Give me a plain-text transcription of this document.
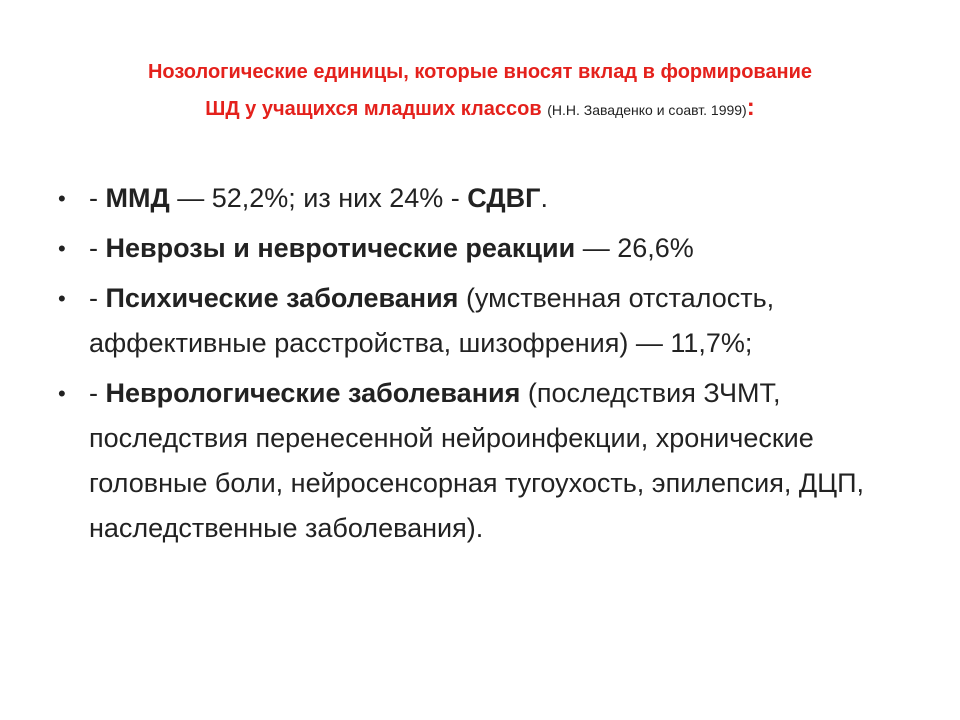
Нозологические единицы, которые вносят вклад в формирование
ШД у учащихся младших классов (Н.Н. Заваденко и соавт. 1999):
• - ММД — 52,2%; из них 24% - СДВГ.
• - Неврозы и невротические реакции — 26,6%
• - Психические заболевания (умственная отсталость, аффективные расстройства, шизофрения) — 11,7%;
• - Неврологические заболевания (последствия ЗЧМТ, последствия перенесенной нейроинфекции, хронические головные боли, нейросенсорная тугоухость, эпилепсия, ДЦП, наследственные заболевания).
